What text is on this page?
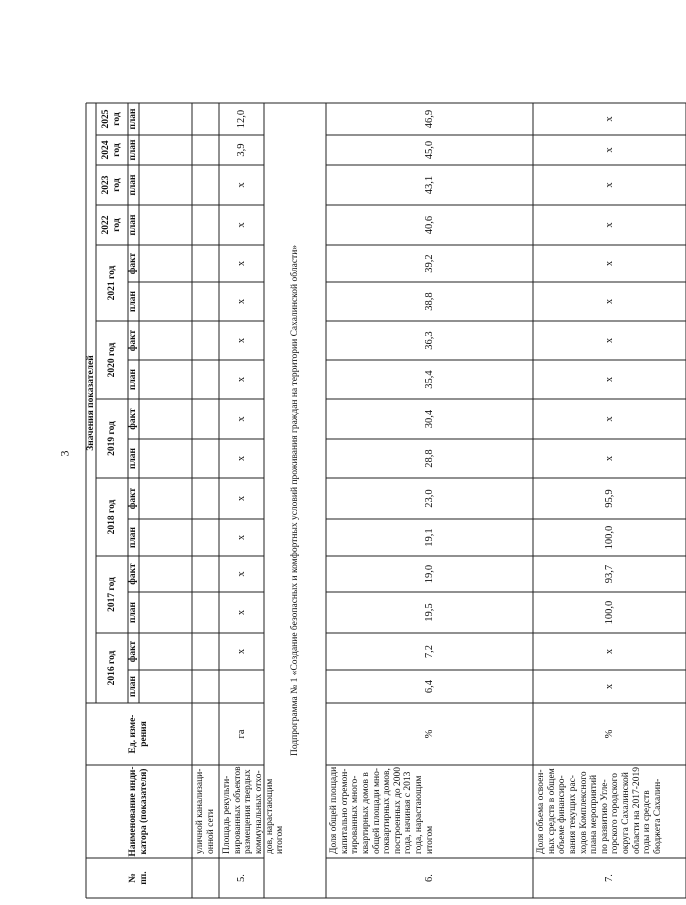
3
№
пп.
Наименование инди-
катора (показателя)
Ед. изме-
рения
Значения показателей
2016 год
план
факт
2017 год
план
факт
2018 год
план
факт
2019 год
план
факт
2020 год
план
факт
2021 год
план
факт
2022
год план
2023
год план
2024
год план
2025
год план
уличной канализаци-
онной сети
5.
Площадь рекульти-
вированных объектов
размещения твердых
коммунальных отхо-
дов, нарастающим
итогом
га
х
х
х
х
х
х
х
х
х
х
х
х
х
3,9
12,0
Подпрограмма № 1 «Создание безопасных и комфортных условий проживания граждан на территории Сахалинской области»
6.
Доля общей площади
капитально отремон-
тированных много-
квартирных домов в
общей площади мно-
гоквартирных домов,
построенных до 2000
года, начиная с 2013
года, нарастающим
итогом
%
6,4
7,2
19,5
19,0
19,1
23,0
28,8
30,4
35,4
36,3
38,8
39,2
40,6
43,1
45,0
46,9
7.
Доля объема освоен-
ных средств в общем
объеме финансиро-
вания текущих рас-
ходов Комплексного
плана мероприятий
по развитию Угле-
горского городского
округа Сахалинской
области на 2017-2019
годы из средств
бюджета Сахалин-
%
х
х
100,0
93,7
100,0
95,9
х
х
х
х
х
х
х
х
х
х
